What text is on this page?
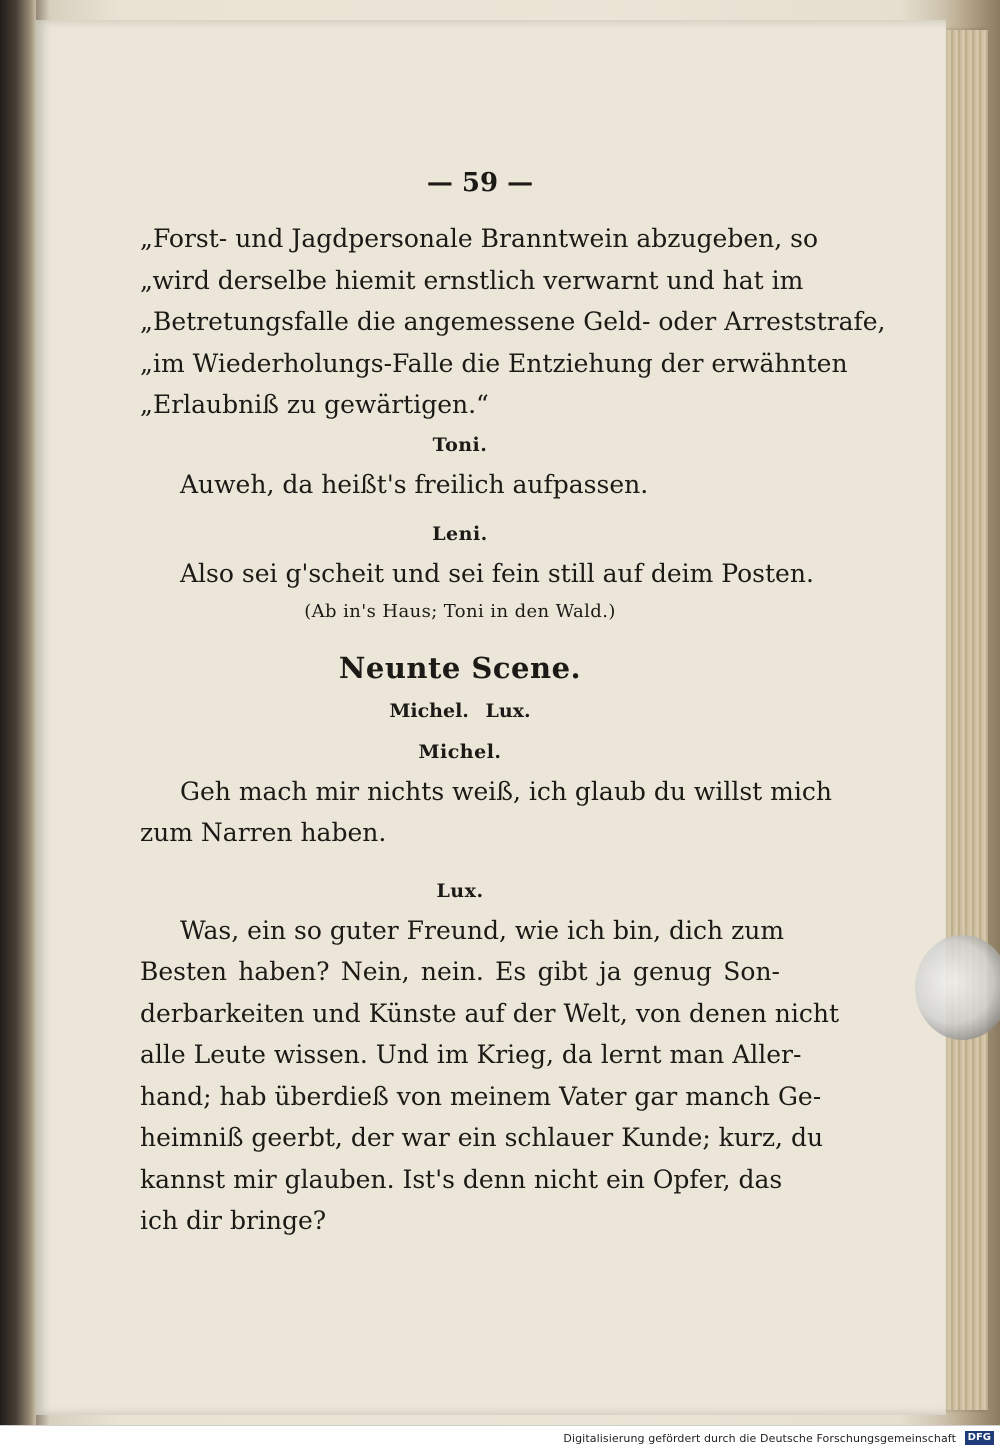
— 59 —
„Forst- und Jagdpersonale Branntwein abzugeben, so
„wird derselbe hiemit ernstlich verwarnt und hat im
„Betretungsfalle die angemessene Geld- oder Arreststrafe,
„im Wiederholungs-Falle die Entziehung der erwähnten
„Erlaubniß zu gewärtigen.“
Toni.
Auweh, da heißt's freilich aufpassen.
Leni.
Also sei g'scheit und sei fein still auf deim Posten.
(Ab in's Haus; Toni in den Wald.)
Neunte Scene.
Michel. Lux.
Michel.
Geh mach mir nichts weiß, ich glaub du willst mich
zum Narren haben.
Lux.
Was, ein so guter Freund, wie ich bin, dich zum
Besten haben? Nein, nein. Es gibt ja genug Son-
derbarkeiten und Künste auf der Welt, von denen nicht
alle Leute wissen. Und im Krieg, da lernt man Aller-
hand; hab überdieß von meinem Vater gar manch Ge-
heimniß geerbt, der war ein schlauer Kunde; kurz, du
kannst mir glauben. Ist's denn nicht ein Opfer, das
ich dir bringe?
Digitalisierung gefördert durch die Deutsche Forschungsgemeinschaft	DFG
